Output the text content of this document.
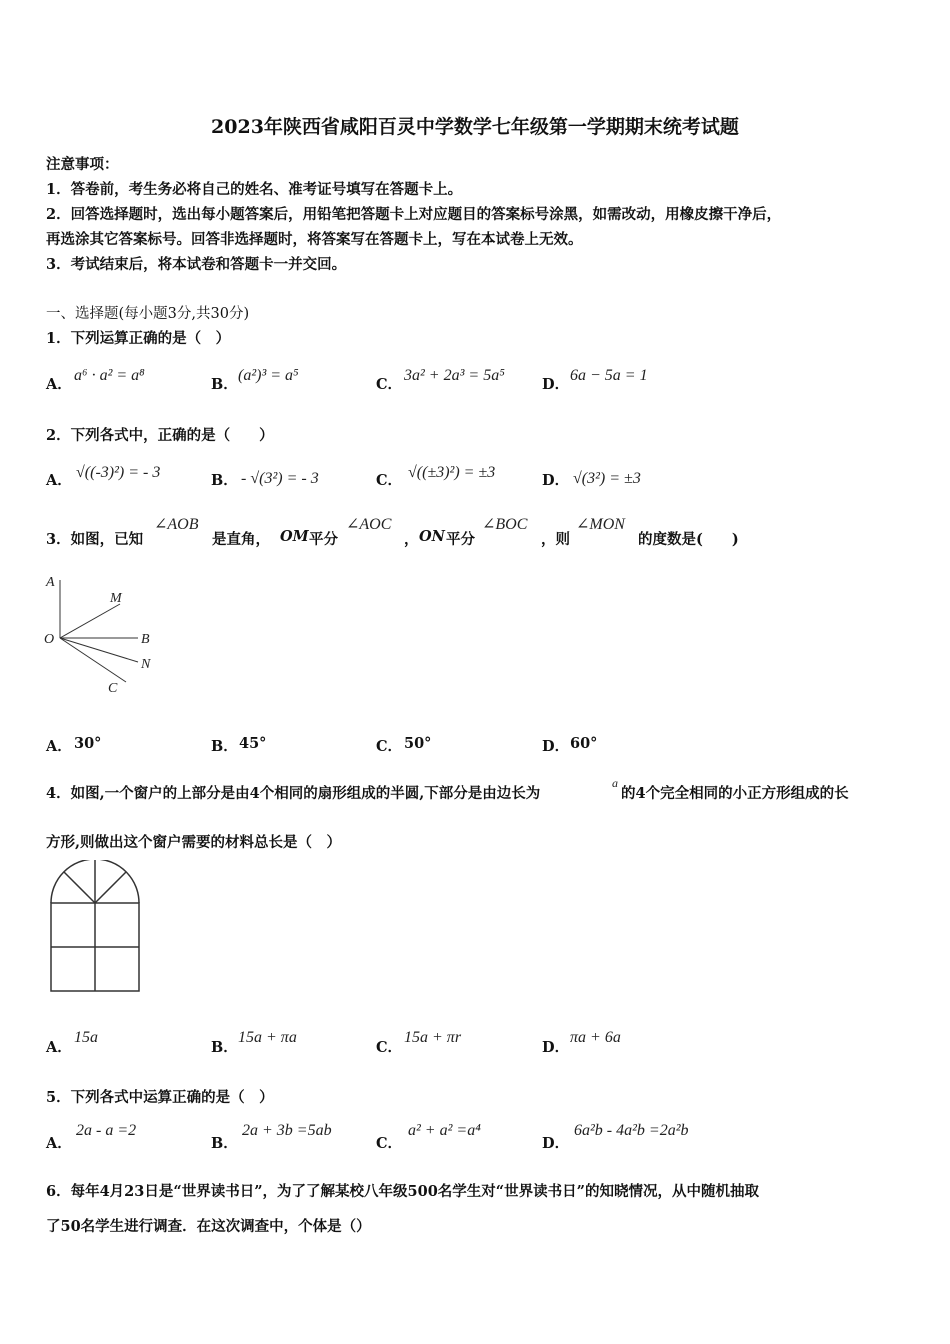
2023年陕西省咸阳百灵中学数学七年级第一学期期末统考试题
注意事项：
1．答卷前，考生务必将自己的姓名、准考证号填写在答题卡上。
2．回答选择题时，选出每小题答案后，用铅笔把答题卡上对应题目的答案标号涂黑，如需改动，用橡皮擦干净后，
再选涂其它答案标号。回答非选择题时，将答案写在答题卡上，写在本试卷上无效。
3．考试结束后，将本试卷和答题卡一并交回。
一、选择题(每小题3分,共30分)
1．下列运算正确的是（　）
A．
a⁶ · a² = a⁸
B．
(a²)³ = a⁵
C．
3a² + 2a³ = 5a⁵
D．
6a − 5a = 1
2．下列各式中，正确的是（　　）
A． √((-3)²) = - 3	B． - √(3²) = - 3	C． √((±3)²) = ±3	D． √(3²) = ±3
3．如图，已知
∠AOB
是直角， OM 平分
∠AOC
， ON 平分
∠BOC
，则
∠MON
的度数是(　　)
A
M
O	B
N
C
A． 30°	B． 45°	C． 50°	D． 60°
4．如图,一个窗户的上部分是由4个相同的扇形组成的半圆,下部分是由边长为
a
的4个完全相同的小正方形组成的长
方形,则做出这个窗户需要的材料总长是（　）
A．
15a
B．
15a + πa
C．
15a + πr
D．
πa + 6a
5．下列各式中运算正确的是（　）
A．
2a - a =2
B．
2a + 3b =5ab
C．
a² + a² =a⁴
D．
6a²b - 4a²b =2a²b
6．每年4月23日是“世界读书日”，为了了解某校八年级500名学生对“世界读书日”的知晓情况，从中随机抽取
了50名学生进行调查．在这次调查中，个体是（）
